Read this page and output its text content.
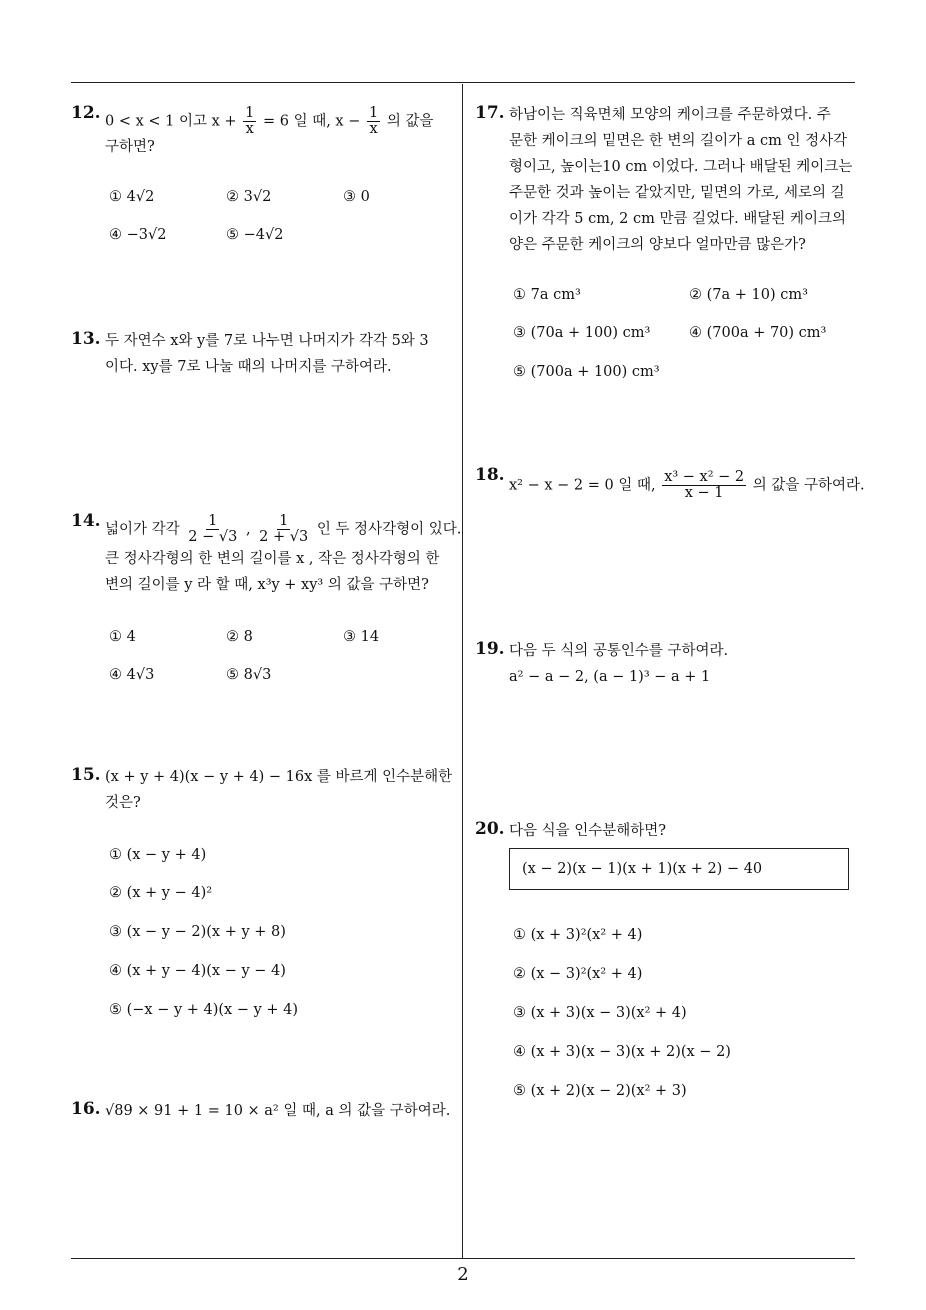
12. 0 < x < 1 이고 $x + \frac{1}{x} = 6$ 일 때, $x - \frac{1}{x}$ 의 값을
구하면?
① 4√2	② 3√2	③ 0
④ −3√2	⑤ −4√2
13. 두 자연수 x와 y를 7로 나누면 나머지가 각각 5와 3
이다. xy를 7로 나눌 때의 나머지를 구하여라.
14. 넓이가 각각 $\frac{1}{2 - √3}$ , $\frac{1}{2 + √3}$ 인 두 정사각형이 있다.
큰 정사각형의 한 변의 길이를 x , 작은 정사각형의 한
변의 길이를 y 라 할 때, x³y + xy³ 의 값을 구하면?
① 4	② 8	③ 14
④ 4√3	⑤ 8√3
15. (x + y + 4)(x − y + 4) − 16x 를 바르게 인수분해한
것은?
① (x − y + 4)
② (x + y − 4)²
③ (x − y − 2)(x + y + 8)
④ (x + y − 4)(x − y − 4)
⑤ (−x − y + 4)(x − y + 4)
16. √89 × 91 + 1 = 10 × a² 일 때, a 의 값을 구하여라.
17. 하남이는 직육면체 모양의 케이크를 주문하였다. 주
문한 케이크의 밑면은 한 변의 길이가 a cm 인 정사각
형이고, 높이는10 cm 이었다. 그러나 배달된 케이크는
주문한 것과 높이는 같았지만, 밑면의 가로, 세로의 길
이가 각각 5 cm, 2 cm 만큼 길었다. 배달된 케이크의
양은 주문한 케이크의 양보다 얼마만큼 많은가?
① 7a cm³	② (7a + 10) cm³
③ (70a + 100) cm³	④ (700a + 70) cm³
⑤ (700a + 100) cm³
18.
x² − x − 2 = 0 일 때, $\frac{\text{x³ − x² − 2}}{x - 1}$ 의 값을 구하여라.
19. 다음 두 식의 공통인수를 구하여라.
a² − a − 2, (a − 1)³ − a + 1
20. 다음 식을 인수분해하면?
(x − 2)(x − 1)(x + 1)(x + 2) − 40
① (x + 3)²(x² + 4)
② (x − 3)²(x² + 4)
③ (x + 3)(x − 3)(x² + 4)
④ (x + 3)(x − 3)(x + 2)(x − 2)
⑤ (x + 2)(x − 2)(x² + 3)
2
